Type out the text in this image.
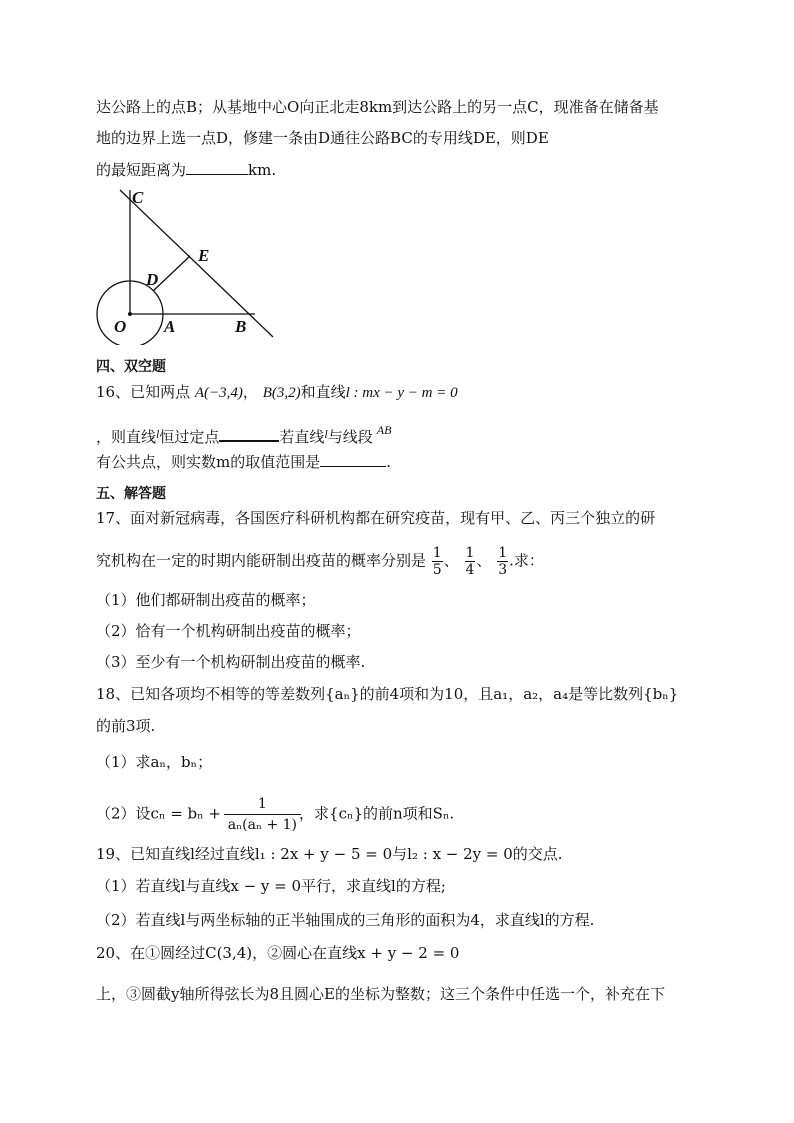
达公路上的点B；从基地中心O向正北走8km到达公路上的另一点C，现准备在储备基
地的边界上选一点D，修建一条由D通往公路BC的专用线DE，则DE
的最短距离为	km.
C
E
D
O A	B
四、双空题
16、已知两点 A(−3,4)， B(3,2)和直线l : mx − y − m = 0
，则直线$^l$恒过定点	若直线$^l$与线段 $^{AB}$
有公共点，则实数m的取值范围是	.
五、解答题
17、面对新冠病毒，各国医疗科研机构都在研究疫苗，现有甲、乙、丙三个独立的研
究机构在一定的时期内能研制出疫苗的概率分别是 $\frac{1}{5}$ 、 $\frac{1}{4}$ 、 $\frac{1}{3}$ .求：
（1）他们都研制出疫苗的概率；
（2）恰有一个机构研制出疫苗的概率；
（3）至少有一个机构研制出疫苗的概率.
18、已知各项均不相等的等差数列{aₙ}的前4项和为10，且a₁，a₂，a₄是等比数列{bₙ}
的前3项.
（1）求aₙ，bₙ；
（2）设$c_n = b_n + \frac{1}{\text{aₙ(aₙ + 1)}}$ ，求{cₙ}的前n项和Sₙ.
19、已知直线l经过直线l₁ : 2x + y − 5 = 0与l₂ : x − 2y = 0的交点.
（1）若直线l与直线x − y = 0平行，求直线l的方程;
（2）若直线l与两坐标轴的正半轴围成的三角形的面积为4，求直线l的方程.
20、在①圆经过C(3,4)，②圆心在直线x + y − 2 = 0
上，③圆截y轴所得弦长为8且圆心E的坐标为整数；这三个条件中任选一个，补充在下
